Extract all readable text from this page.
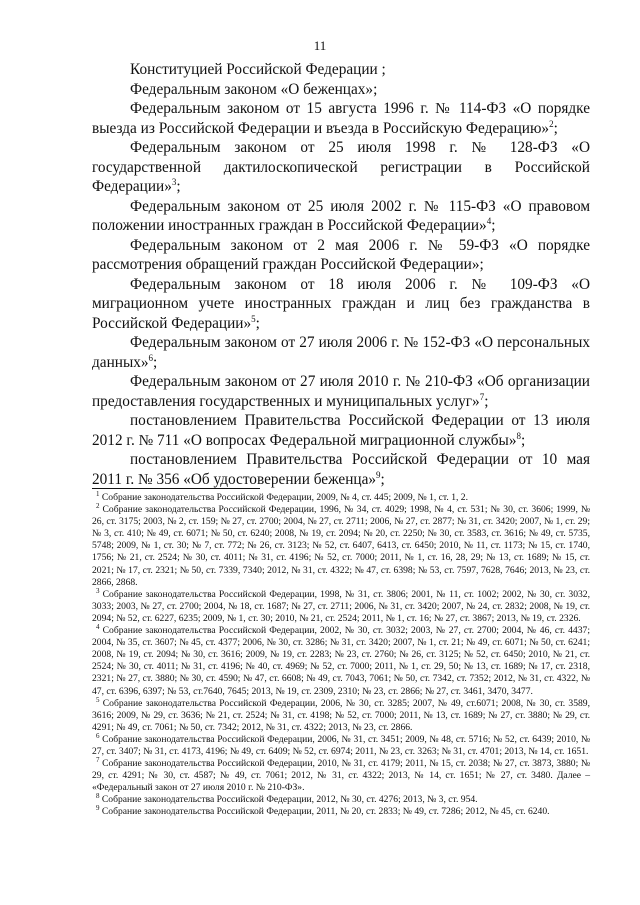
11

Конституцией Российской Федерации ;

Федеральным законом «О беженцах»;

Федеральным законом от 15 августа 1996 г. № 114-ФЗ «О порядке выезда из Российской Федерации и въезда в Российскую Федерацию»$^2$;

Федеральным законом от 25 июля 1998 г. № 128-ФЗ «О государственной дактилоскопической регистрации в Российской Федерации»$^3$;

Федеральным законом от 25 июля 2002 г. № 115-ФЗ «О правовом положении иностранных граждан в Российской Федерации»$^4$;

Федеральным законом от 2 мая 2006 г. № 59-ФЗ «О порядке рассмотрения обращений граждан Российской Федерации»;

Федеральным законом от 18 июля 2006 г. № 109-ФЗ «О миграционном учете иностранных граждан и лиц без гражданства в Российской Федерации»$^5$;

Федеральным законом от 27 июля 2006 г. № 152-ФЗ «О персональных данных»$^6$;

Федеральным законом от 27 июля 2010 г. № 210-ФЗ «Об организации предоставления государственных и муниципальных услуг»$^7$;

постановлением Правительства Российской Федерации от 13 июля 2012 г. № 711 «О вопросах Федеральной миграционной службы»$^8$;

постановлением Правительства Российской Федерации от 10 мая 2011 г. № 356 «Об удостоверении беженца»$^9$;

$^1$ Собрание законодательства Российской Федерации, 2009, № 4, ст. 445; 2009, № 1, ст. 1, 2.

$^2$ Собрание законодательства Российской Федерации, 1996, № 34, ст. 4029; 1998, № 4, ст. 531; № 30, ст. 3606; 1999, № 26, ст. 3175; 2003, № 2, ст. 159; № 27, ст. 2700; 2004, № 27, ст. 2711; 2006, № 27, ст. 2877; № 31, ст. 3420; 2007, № 1, ст. 29; № 3, ст. 410; № 49, ст. 6071; № 50, ст. 6240; 2008, № 19, ст. 2094; № 20, ст. 2250; № 30, ст. 3583, ст. 3616; № 49, ст. 5735, 5748; 2009, № 1, ст. 30; № 7, ст. 772; № 26, ст. 3123; № 52, ст. 6407, 6413, ст. 6450; 2010, № 11, ст. 1173; № 15, ст. 1740, 1756; № 21, ст. 2524; № 30, ст. 4011; № 31, ст. 4196; № 52, ст. 7000; 2011, № 1, ст. 16, 28, 29; № 13, ст. 1689; № 15, ст. 2021; № 17, ст. 2321; № 50, ст. 7339, 7340; 2012, № 31, ст. 4322; № 47, ст. 6398; № 53, ст. 7597, 7628, 7646; 2013, № 23, ст. 2866, 2868.

$^3$ Собрание законодательства Российской Федерации, 1998, № 31, ст. 3806; 2001, № 11, ст. 1002; 2002, № 30, ст. 3032, 3033; 2003, № 27, ст. 2700; 2004, № 18, ст. 1687; № 27, ст. 2711; 2006, № 31, ст. 3420; 2007, № 24, ст. 2832; 2008, № 19, ст. 2094; № 52, ст. 6227, 6235; 2009, № 1, ст. 30; 2010, № 21, ст. 2524; 2011, № 1, ст. 16; № 27, ст. 3867; 2013, № 19, ст. 2326.

$^4$ Собрание законодательства Российской Федерации, 2002, № 30, ст. 3032; 2003, № 27, ст. 2700; 2004, № 46, ст. 4437; 2004, № 35, ст. 3607; № 45, ст. 4377; 2006, № 30, ст. 3286; № 31, ст. 3420; 2007, № 1, ст. 21; № 49, ст. 6071; № 50, ст. 6241; 2008, № 19, ст. 2094; № 30, ст. 3616; 2009, № 19, ст. 2283; № 23, ст. 2760; № 26, ст. 3125; № 52, ст. 6450; 2010, № 21, ст. 2524; № 30, ст. 4011; № 31, ст. 4196; № 40, ст. 4969; № 52, ст. 7000; 2011, № 1, ст. 29, 50; № 13, ст. 1689; № 17, ст. 2318, 2321; № 27, ст. 3880; № 30, ст. 4590; № 47, ст. 6608; № 49, ст. 7043, 7061; № 50, ст. 7342, ст. 7352; 2012, № 31, ст. 4322, № 47, ст. 6396, 6397; № 53, ст.7640, 7645; 2013, № 19, ст. 2309, 2310; № 23, ст. 2866; № 27, ст. 3461, 3470, 3477.

$^5$ Собрание законодательства Российской Федерации, 2006, № 30, ст. 3285; 2007, № 49, ст.6071; 2008, № 30, ст. 3589, 3616; 2009, № 29, ст. 3636; № 21, ст. 2524; № 31, ст. 4198; № 52, ст. 7000; 2011, № 13, ст. 1689; № 27, ст. 3880; № 29, ст. 4291; № 49, ст. 7061; № 50, ст. 7342; 2012, № 31, ст. 4322; 2013, № 23, ст. 2866.

$^6$ Собрание законодательства Российской Федерации, 2006, № 31, ст. 3451; 2009, № 48, ст. 5716; № 52, ст. 6439; 2010, № 27, ст. 3407; № 31, ст. 4173, 4196; № 49, ст. 6409; № 52, ст. 6974; 2011, № 23, ст. 3263; № 31, ст. 4701; 2013, № 14, ст. 1651.

$^7$ Собрание законодательства Российской Федерации, 2010, № 31, ст. 4179; 2011, № 15, ст. 2038; № 27, ст. 3873, 3880; № 29, ст. 4291; № 30, ст. 4587; № 49, ст. 7061; 2012, № 31, ст. 4322; 2013, № 14, ст. 1651; № 27, ст. 3480. Далее – «Федеральный закон от 27 июля 2010 г. № 210-ФЗ».

$^8$ Собрание законодательства Российской Федерации, 2012, № 30, ст. 4276; 2013, № 3, ст. 954.

$^9$ Собрание законодательства Российской Федерации, 2011, № 20, ст. 2833; № 49, ст. 7286; 2012, № 45, ст. 6240.
